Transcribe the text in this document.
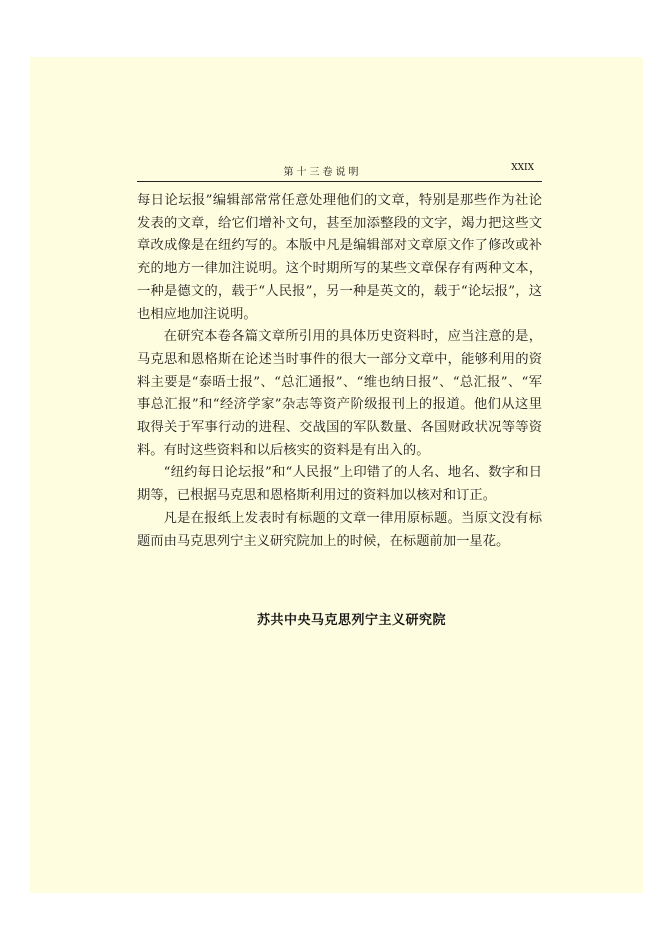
第十三卷说明	XXIX

每日论坛报”编辑部常常任意处理他们的文章，特别是那些作为社论发表的文章，给它们增补文句，甚至加添整段的文字，竭力把这些文章改成像是在纽约写的。本版中凡是编辑部对文章原文作了修改或补充的地方一律加注说明。这个时期所写的某些文章保存有两种文本，一种是德文的，载于“人民报”，另一种是英文的，载于“论坛报”，这也相应地加注说明。

在研究本卷各篇文章所引用的具体历史资料时，应当注意的是，马克思和恩格斯在论述当时事件的很大一部分文章中，能够利用的资料主要是“泰晤士报”、“总汇通报”、“维也纳日报”、“总汇报”、“军事总汇报”和“经济学家”杂志等资产阶级报刊上的报道。他们从这里取得关于军事行动的进程、交战国的军队数量、各国财政状况等等资料。有时这些资料和以后核实的资料是有出入的。

“纽约每日论坛报”和“人民报”上印错了的人名、地名、数字和日期等，已根据马克思和恩格斯利用过的资料加以核对和订正。

凡是在报纸上发表时有标题的文章一律用原标题。当原文没有标题而由马克思列宁主义研究院加上的时候，在标题前加一星花。

苏共中央马克思列宁主义研究院
